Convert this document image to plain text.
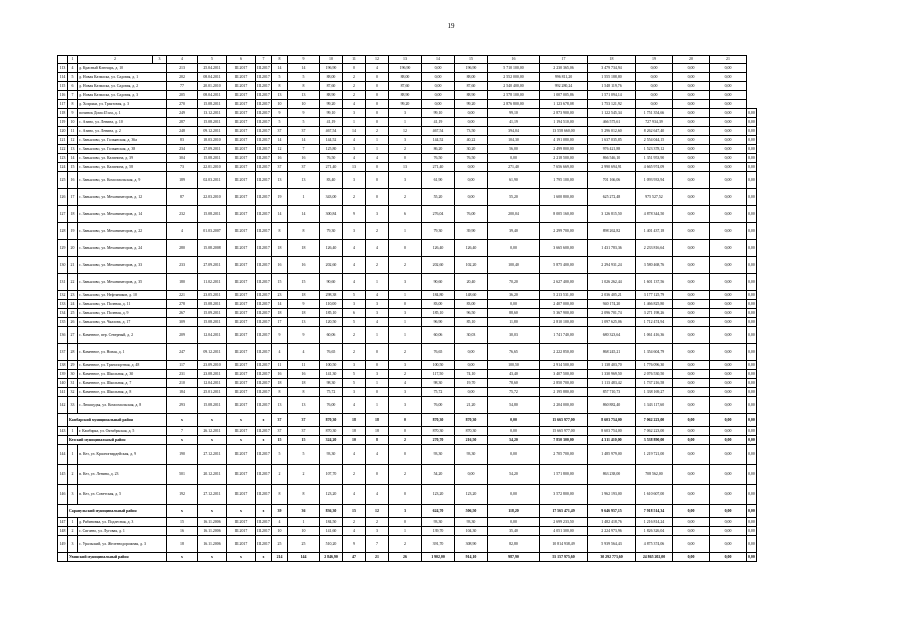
19
	1	2	3	4	5	6	7	8	9	10	11	12	13	14	15	16	17	18	19	20	21	
113	4	д. Красный Ключарь, д. 10		213	25.04.2011	III.2017	III.2017	14	14	196,90	0	4	196,90	0,00	196,90	5 710 100,00	2 230 365,06	3 479 734,94	0,00	0,00	0,00	
114	5	д. Новая Казмаска, ул. Садовая, д. 1		202	08.04.2011	III.2017	III.2017	5	5	88,00	2	0	88,00	0,00	88,00	2 552 000,00	996 811,20	1 555 188,80	0,00	0,00	0,00	
115	6	д. Новая Казмаска, ул. Садовая, д. 2		77	20.01.2010	III.2017	III.2017	8	8	87,60	2	0	87,60	0,00	87,60	2 540 400,00	992 280,24	1 548 119,76	0,00	0,00	0,00	
116	7	д. Новая Казмаска, ул. Садовая, д. 3		205	08.04.2011	III.2017	III.2017	13	13	88,90	2	0	88,90	0,00	88,90	2 578 100,00	1 007 005,86	1 571 094,14	0,00	0,00	0,00	
117	8	д. Хохряки, ул. Трактовая, д. 3		270	15.08.2011	III.2017	III.2017	10	10	99,20	4	0	99,20	0,00	99,20	2 876 800,00	1 123 678,08	1 753 121,92	0,00	0,00	0,00	
118	9	починок Дома 45 км, д. 1		249	13.12.2011	III.2017	III.2017	9	9	99,10	3	0	3	99,10	0,00	99,10	2 873 900,00	1 122 545,34	1 751 354,66	0,00	0,00	0,00
119	10	с. Азино, ул. Ленина, д. 10		287	15.08.2011	III.2017	III.2017	5	5	41,19	1	0	1	41,19	0,00	41,19	1 194 510,00	466 575,61	727 934,39	0,00	0,00	0,00
120	11	с. Азино, ул. Ленина, д. 2		248	09.12.2011	III.2017	III.2017	37	37	467,54	14	2	12	467,54	73,50	394,04	13 558 660,00	5 296 012,60	8 262 647,40	0,00	0,00	0,00
121	12	с. Завьялово, ул. Гольянская, д. 36а		83	18.03.2010	III.2017	III.2017	14	14	144,52	4	1	3	144,52	40,22	104,30	4 191 080,00	1 637 035,85	2 554 044,15	0,00	0,00	0,00
122	13	с. Завьялово, ул. Гольянская, д. 38		234	27.09.2011	III.2017	III.2017	12	7	125,80	3	1	2	86,20	30,20	56,00	2 499 800,00	976 421,88	1 523 378,12	0,00	0,00	0,00
123	14	с. Завьялово, ул. Калинина, д. 39		304	15.08.2011	III.2017	III.2017	16	16	76,50	4	4	0	76,50	76,50	0,00	2 218 500,00	866 546,10	1 351 953,90	0,00	0,00	0,00
124	15	с. Завьялово, ул. Калинина, д. 58		73	22.01.2010	III.2017	III.2017	37	37	271,40	13	0	13	271,40	0,00	271,40	7 656 669,00	2 990 694,91	4 665 974,09	0,00	0,00	0,00
125	16	с. Завьялово, ул. Комсомольская, д. 9		189	02.03.2011	III.2017	III.2017	13	13	83,40	3	0	3	61,90	0,00	61,90	1 795 100,00	701 166,06	1 093 933,94	0,00	0,00	0,00
126	17	с. Завьялово, ул. Механизаторов, д. 12		87	22.03.2010	III.2017	III.2017	19	1	343,00	2	0	2	55,20	0,00	55,20	1 600 800,00	625 272,48	975 527,52	0,00	0,00	0,00
127	18	с. Завьялово, ул. Механизаторов, д. 14		232	15.08.2011	III.2017	III.2017	14	14	300,84	9	3	6	276,04	76,00	200,04	8 005 160,00	3 126 815,50	4 878 344,50	0,00	0,00	0,00
128	19	с. Завьялово, ул. Механизаторов, д. 22		4	01.03.2007	III.2017	III.2017	8	8	79,30	3	2	1	79,30	39,90	39,40	2 299 700,00	898 262,82	1 401 437,18	0,00	0,00	0,00
129	20	с. Завьялово, ул. Механизаторов, д. 24		280	15.08.2008	III.2017	III.2017	18	18	126,40	4	4	0	126,40	126,40	0,00	3 665 600,00	1 431 783,36	2 233 816,64	0,00	0,00	0,00
130	21	с. Завьялово, ул. Механизаторов, д. 33		233	27.09.2011	III.2017	III.2017	16	16	202,60	4	2	2	202,60	102,20	100,40	5 875 400,00	2 294 931,24	3 580 468,76	0,00	0,00	0,00
131	22	с. Завьялово, ул. Механизаторов, д. 35		180	11.02.2011	III.2017	III.2017	15	15	90,60	4	1	3	90,60	20,40	70,20	2 627 400,00	1 026 262,44	1 601 137,56	0,00	0,00	0,00
132	23	с. Завьялово, ул. Нефтяников, д. 10		221	23.05.2011	III.2017	III.2017	23	18	298,38	5	4	1	184,80	148,60	36,20	5 213 531,00	2 036 405,21	3 177 125,79	0,00	0,00	0,00
133	24	с. Завьялово, ул. Полевая, д. 11		278	15.08.2011	III.2017	III.2017	14	9	110,00	3	3	0	83,00	83,00	0,00	2 407 000,00	940 174,20	1 466 825,80	0,00	0,00	0,00
134	25	с. Завьялово, ул. Полевая, д. 9		267	15.09.2011	III.2017	III.2017	18	18	185,10	6	3	3	185,10	96,50	88,60	5 367 900,00	2 096 701,74	3 271 198,26	0,00	0,00	0,00
135	26	с. Завьялово, ул. Чкалова, д. 17		309	15.08.2011	III.2017	III.2017	17	13	120,50	5	4	1	96,90	85,10	11,80	2 810 100,00	1 097 625,06	1 712 474,94	0,00	0,00	0,00
136	27	с. Каменное, пер. Северный, д. 2		209	12.04.2011	III.2017	III.2017	9	9	60,06	2	1	1	60,06	30,03	30,03	1 741 740,00	680 323,64	1 061 416,36	0,00	0,00	0,00
137	28	с. Каменное, ул. Новая, д. 1		247	09.12.2011	III.2017	III.2017	4	4	76,65	2	0	2	76,65	0,00	76,65	2 222 850,00	868 245,21	1 354 604,79	0,00	0,00	0,00
138	29	с. Каменное, ул. Транспортная, д. 48		117	23.09.2010	III.2017	III.2017	11	11	100,50	3	0	3	100,50	0,00	100,50	2 914 500,00	1 138 403,70	1 776 096,30	0,00	0,00	0,00
139	30	с. Каменное, ул. Школьная, д. 30		231	23.08.2011	III.2017	III.2017	16	16	141,30	5	3	2	117,50	74,10	43,40	3 407 500,00	1 330 969,50	2 076 530,50	0,00	0,00	0,00
140	31	с. Каменное, ул. Школьная, д. 7		210	12.04.2011	III.2017	III.2017	18	18	98,30	5	1	4	98,30	19,70	78,60	2 850 700,00	1 113 483,42	1 737 216,58	0,00	0,00	0,00
141	32	с. Каменное, ул. Школьная, д. 8		184	25.01.2011	III.2017	III.2017	8	8	75,72	3	0	3	75,72	0,00	75,72	2 195 880,00	857 710,73	1 338 169,27	0,00	0,00	0,00
142	33	с. Люкшудья, ул. Комсомольская, д. 8		293	15.08.2011	III.2017	III.2017	13	13	76,00	4	1	3	76,00	21,20	54,80	2 204 000,00	860 882,40	1 343 117,60	0,00	0,00	0,00
	Камбарский муниципальный район			x	x	x	x	37	37	870,30	18	18	0	870,30	870,30	0,00	15 665 977,00	8 603 754,00	7 062 223,00	0,00	0,00	0,00
143	1	г. Камбарка, ул. Октябрьская, д. 5		7	26.12.2011	III.2017	III.2017	37	37	870,30	18	18	0	870,30	870,30	0,00	15 665 977,00	8 603 754,00	7 062 223,00	0,00	0,00	0,00
	Кезский муниципальный район			x	x	x	x	15	15	324,20	10	8	2	270,70	216,50	54,20	7 850 300,00	4 311 410,00	3 538 890,00	0,00	0,00	0,00
144	1	п. Кез, ул. Красногвардейская, д. 9		190	27.12.2011	III.2017	III.2017	5	5	93,30	4	4	0	93,30	93,30	0,00	2 705 700,00	1 485 979,00	1 219 721,00	0,00	0,00	0,00
145	2	п. Кез, ул. Ленина, д. 23		501	20.12.2011	III.2017	III.2017	2	2	107,70	2	0	2	54,20	0,00	54,20	1 571 800,00	863 238,00	708 562,00	0,00	0,00	0,00
146	3	п. Кез, ул. Советская, д. 5		192	27.12.2011	III.2017	III.2017	8	8	123,20	4	4	0	123,20	123,20	0,00	3 572 800,00	1 962 193,00	1 610 607,00	0,00	0,00	0,00
	Сарапульский муниципальный район			x	x	x	x	39	36	836,30	15	12	3	624,70	506,50	118,20	17 565 471,49	9 646 957,15	7 918 514,34	0,00	0,00	0,00
147	1	д. Рябиновка, ул. Подлесная, д. 3		15	16.11.2006	III.2017	III.2017	4	1	184,50	2	2	0	93,30	93,30	0,00	2 699 233,50	1 482 418,76	1 216 814,24	0,00	0,00	0,00
148	2	с. Сигаево, ул. Луговая, д. 1		16	16.11.2006	III.2017	III.2017	10	10	141,60	4	3	1	139,70	104,30	35,40	4 051 300,00	2 224 973,96	1 826 326,04	0,00	0,00	0,00
149	3	с. Уральский, ул. Железнодорожная, д. 3		18	16.11.2006	III.2017	III.2017	25	25	510,20	9	7	2	391,70	308,90	82,80	10 814 938,49	5 939 564,43	4 875 374,06	0,00	0,00	0,00
	Увинский муниципальный район			x	x	x	x	214	144	2 846,90	47	21	26	1 902,00	914,10	987,90	55 157 975,60	30 292 773,60	24 865 202,00	0,00	0,00	0,00
